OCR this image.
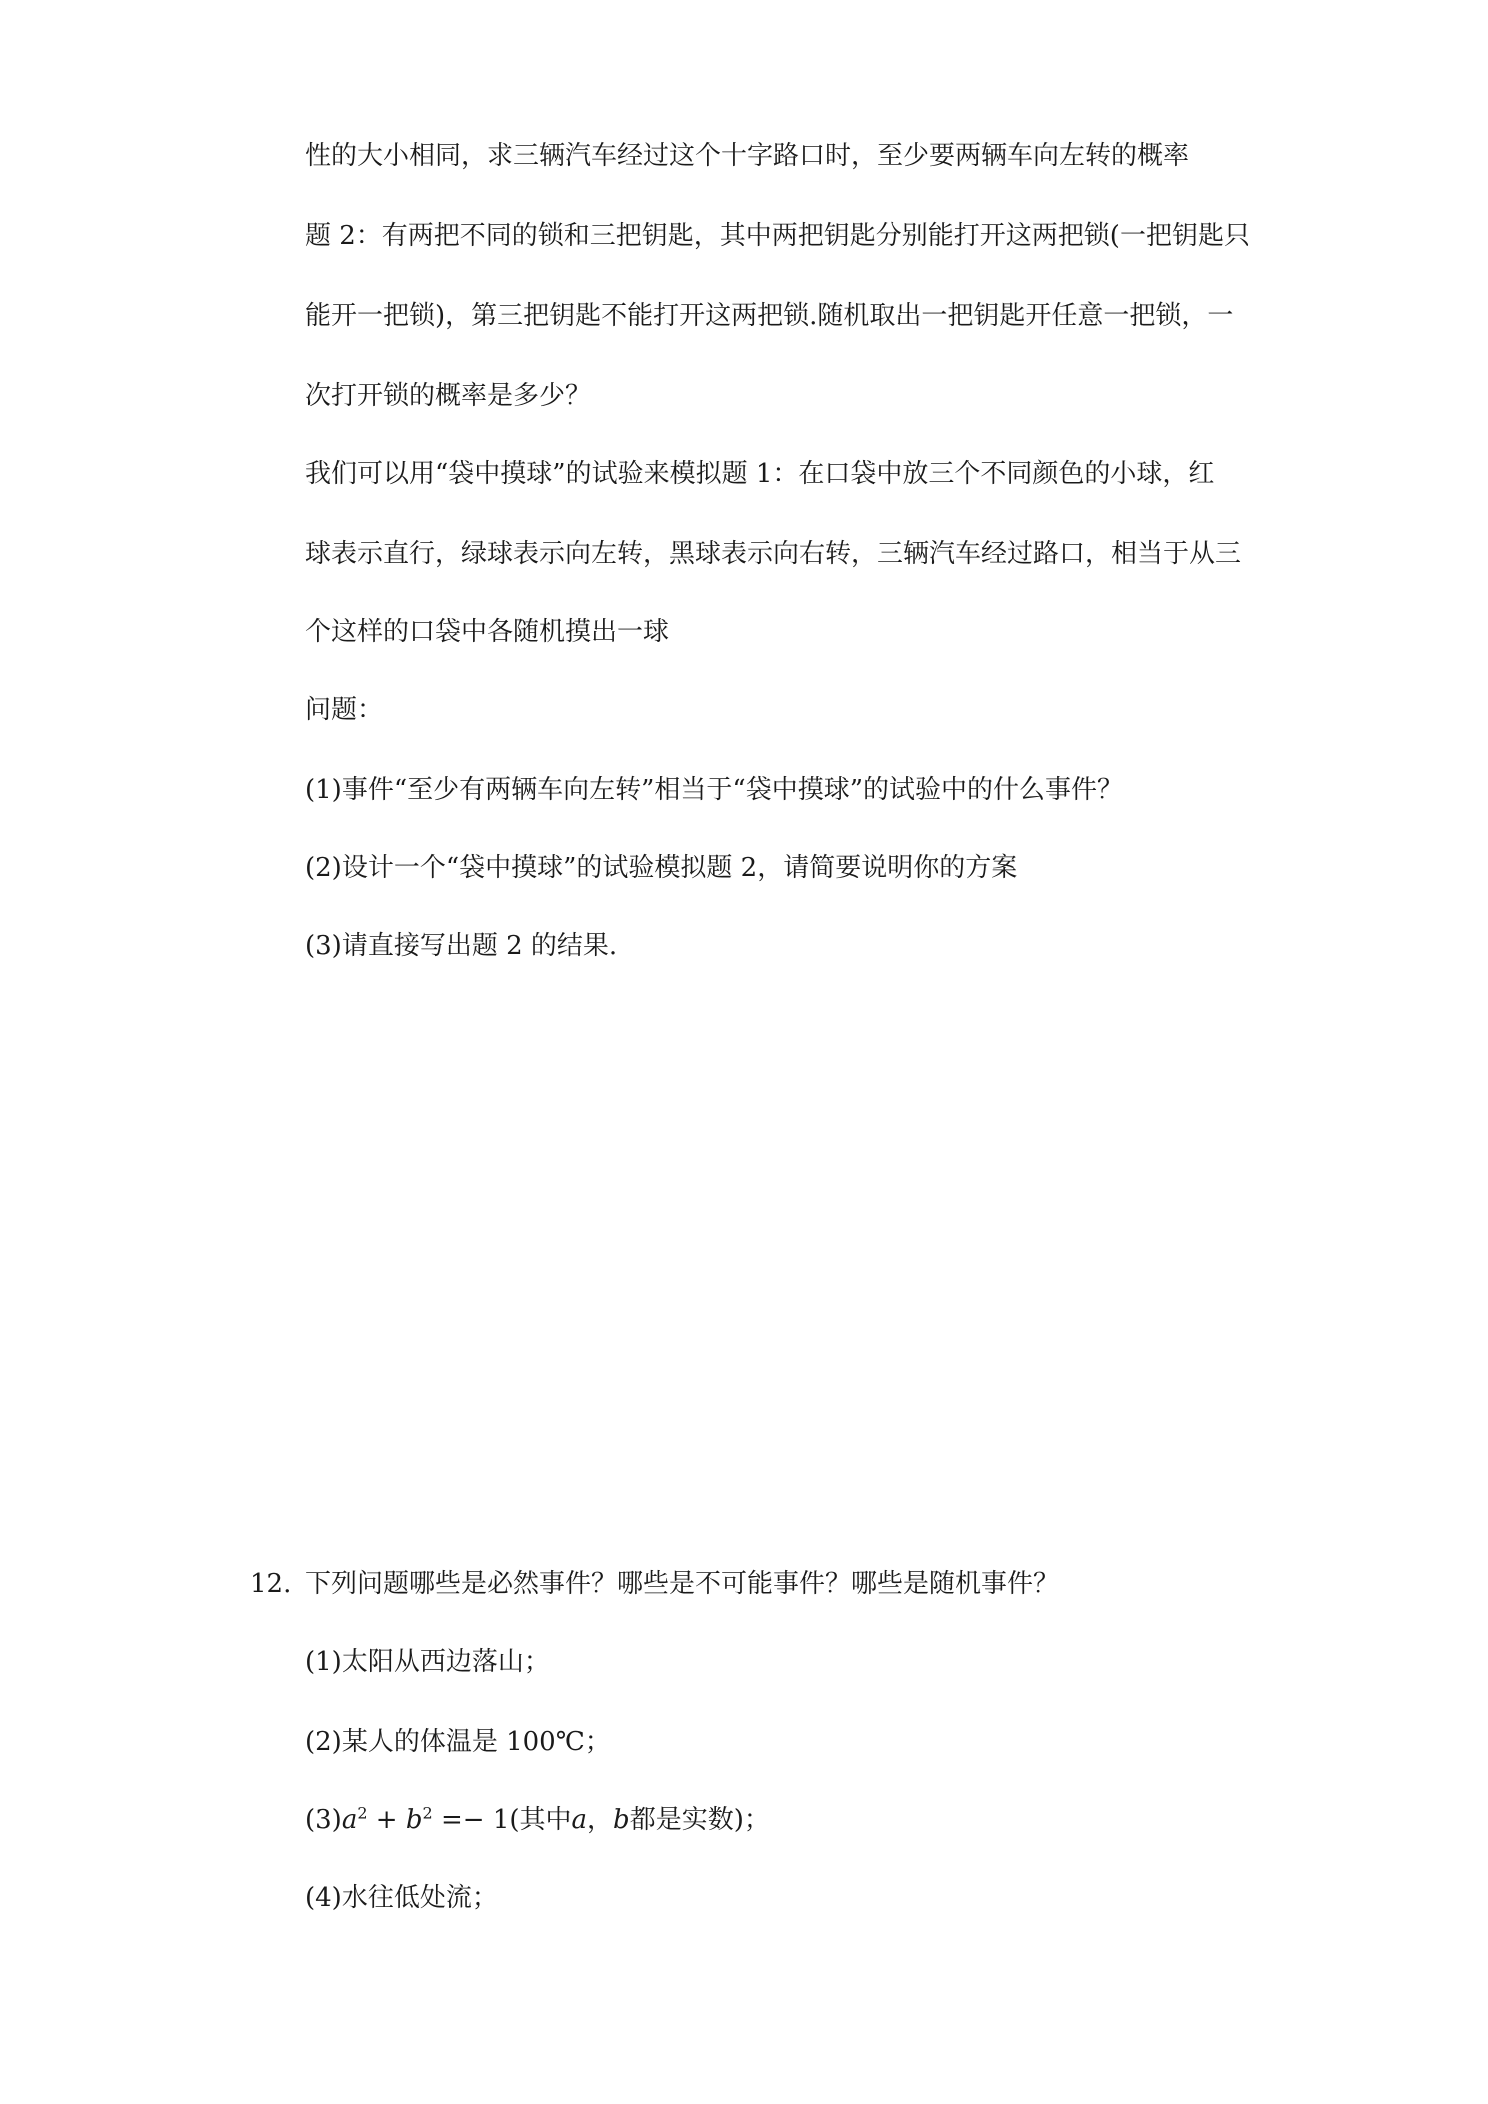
性的大小相同，求三辆汽车经过这个十字路口时，至少要两辆车向左转的概率
题 2：有两把不同的锁和三把钥匙，其中两把钥匙分别能打开这两把锁(一把钥匙只
能开一把锁)，第三把钥匙不能打开这两把锁.随机取出一把钥匙开任意一把锁，一
次打开锁的概率是多少？
我们可以用“袋中摸球”的试验来模拟题 1：在口袋中放三个不同颜色的小球，红
球表示直行，绿球表示向左转，黑球表示向右转，三辆汽车经过路口，相当于从三
个这样的口袋中各随机摸出一球
问题：
(1)事件“至少有两辆车向左转”相当于“袋中摸球”的试验中的什么事件？
(2)设计一个“袋中摸球”的试验模拟题 2，请简要说明你的方案
(3)请直接写出题 2 的结果.
12. 下列问题哪些是必然事件？哪些是不可能事件？哪些是随机事件？
(1)太阳从西边落山；
(2)某人的体温是 100℃；
$(3)a^2 + b^2 =- 1$(其中a，b都是实数)；
(4)水往低处流；
